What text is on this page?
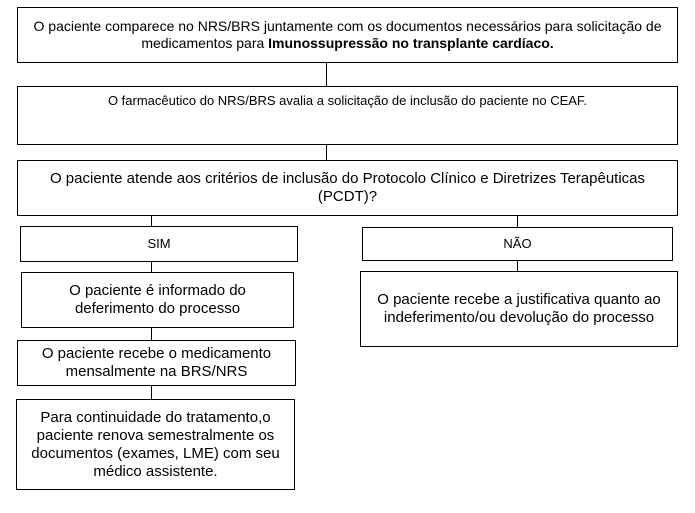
O paciente comparece no NRS/BRS juntamente com os documentos necessários para solicitação de medicamentos para Imunossupressão no transplante cardíaco.
O farmacêutico do NRS/BRS avalia a solicitação de inclusão do paciente no CEAF.
O paciente atende aos critérios de inclusão do Protocolo Clínico e Diretrizes Terapêuticas (PCDT)?
SIM	NÃO
O paciente é informado do deferimento do processo
O paciente recebe a justificativa quanto ao indeferimento/ou devolução do processo
O paciente recebe o medicamento mensalmente na BRS/NRS
Para continuidade do tratamento,o paciente renova semestralmente os documentos (exames, LME) com seu médico assistente.
